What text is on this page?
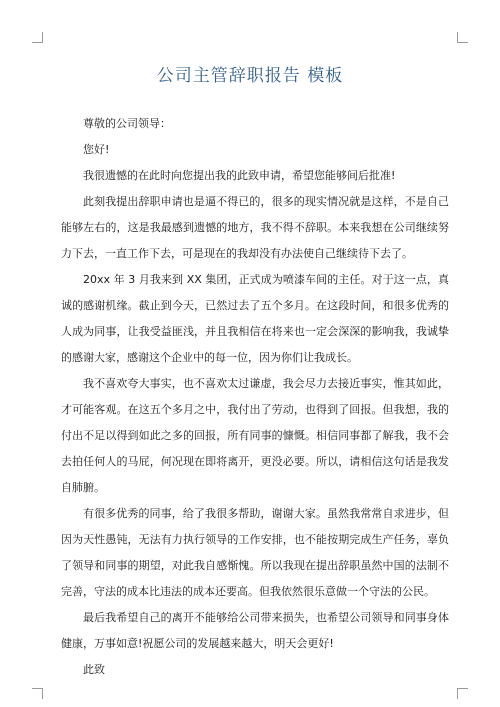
公司主管辞职报告 模板

尊敬的公司领导：

您好!

我很遗憾的在此时向您提出我的此致申请，希望您能够间后批准!

此刻我提出辞职申请也是逼不得已的，很多的现实情况就是这样，不是自己能够左右的，这是我最感到遗憾的地方，我不得不辞职。本来我想在公司继续努力下去，一直工作下去，可是现在的我却没有办法使自己继续待下去了。

20xx 年 3 月我来到 XX 集团，正式成为喷漆车间的主任。对于这一点，真诚的感谢机缘。截止到今天，已然过去了五个多月。在这段时间，和很多优秀的人成为同事，让我受益匪浅，并且我相信在将来也一定会深深的影响我，我诚挚的感谢大家，感谢这个企业中的每一位，因为你们让我成长。

我不喜欢夸大事实，也不喜欢太过谦虚，我会尽力去接近事实，惟其如此，才可能客观。在这五个多月之中，我付出了劳动，也得到了回报。但我想，我的付出不足以得到如此之多的回报，所有同事的慷慨。相信同事都了解我，我不会去拍任何人的马屁，何况现在即将离开，更没必要。所以，请相信这句话是我发自肺腑。

有很多优秀的同事，给了我很多帮助，谢谢大家。虽然我常常自求进步，但因为天性愚钝，无法有力执行领导的工作安排，也不能按期完成生产任务，辜负了领导和同事的期望，对此我自感惭愧。所以我现在提出辞职虽然中国的法制不完善，守法的成本比违法的成本还要高。但我依然很乐意做一个守法的公民。

最后我希望自己的离开不能够给公司带来损失，也希望公司领导和同事身体健康，万事如意!祝愿公司的发展越来越大，明天会更好!

此致
